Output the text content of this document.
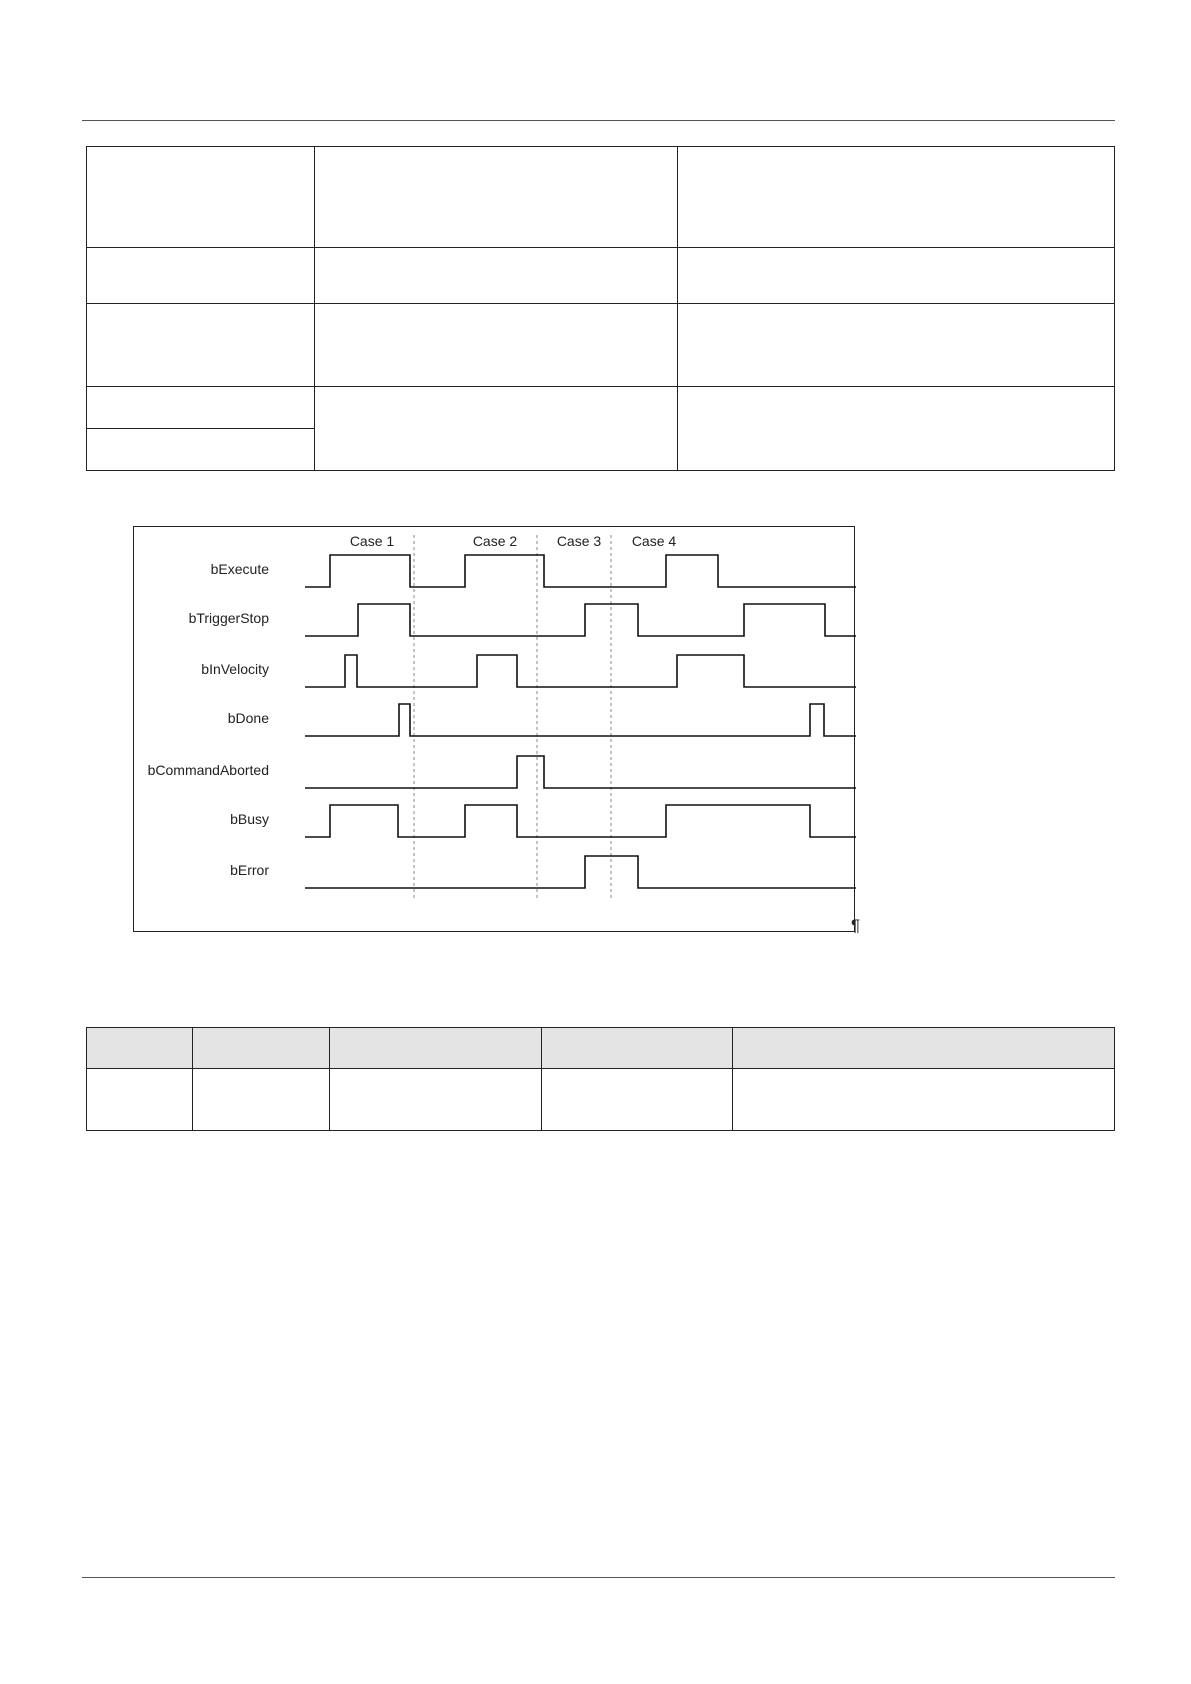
Case 1	Case 2	Case 3 Case 4
bExecute
bTriggerStop
bInVelocity
bDone
bCommandAborted
bBusy
bError
¶
